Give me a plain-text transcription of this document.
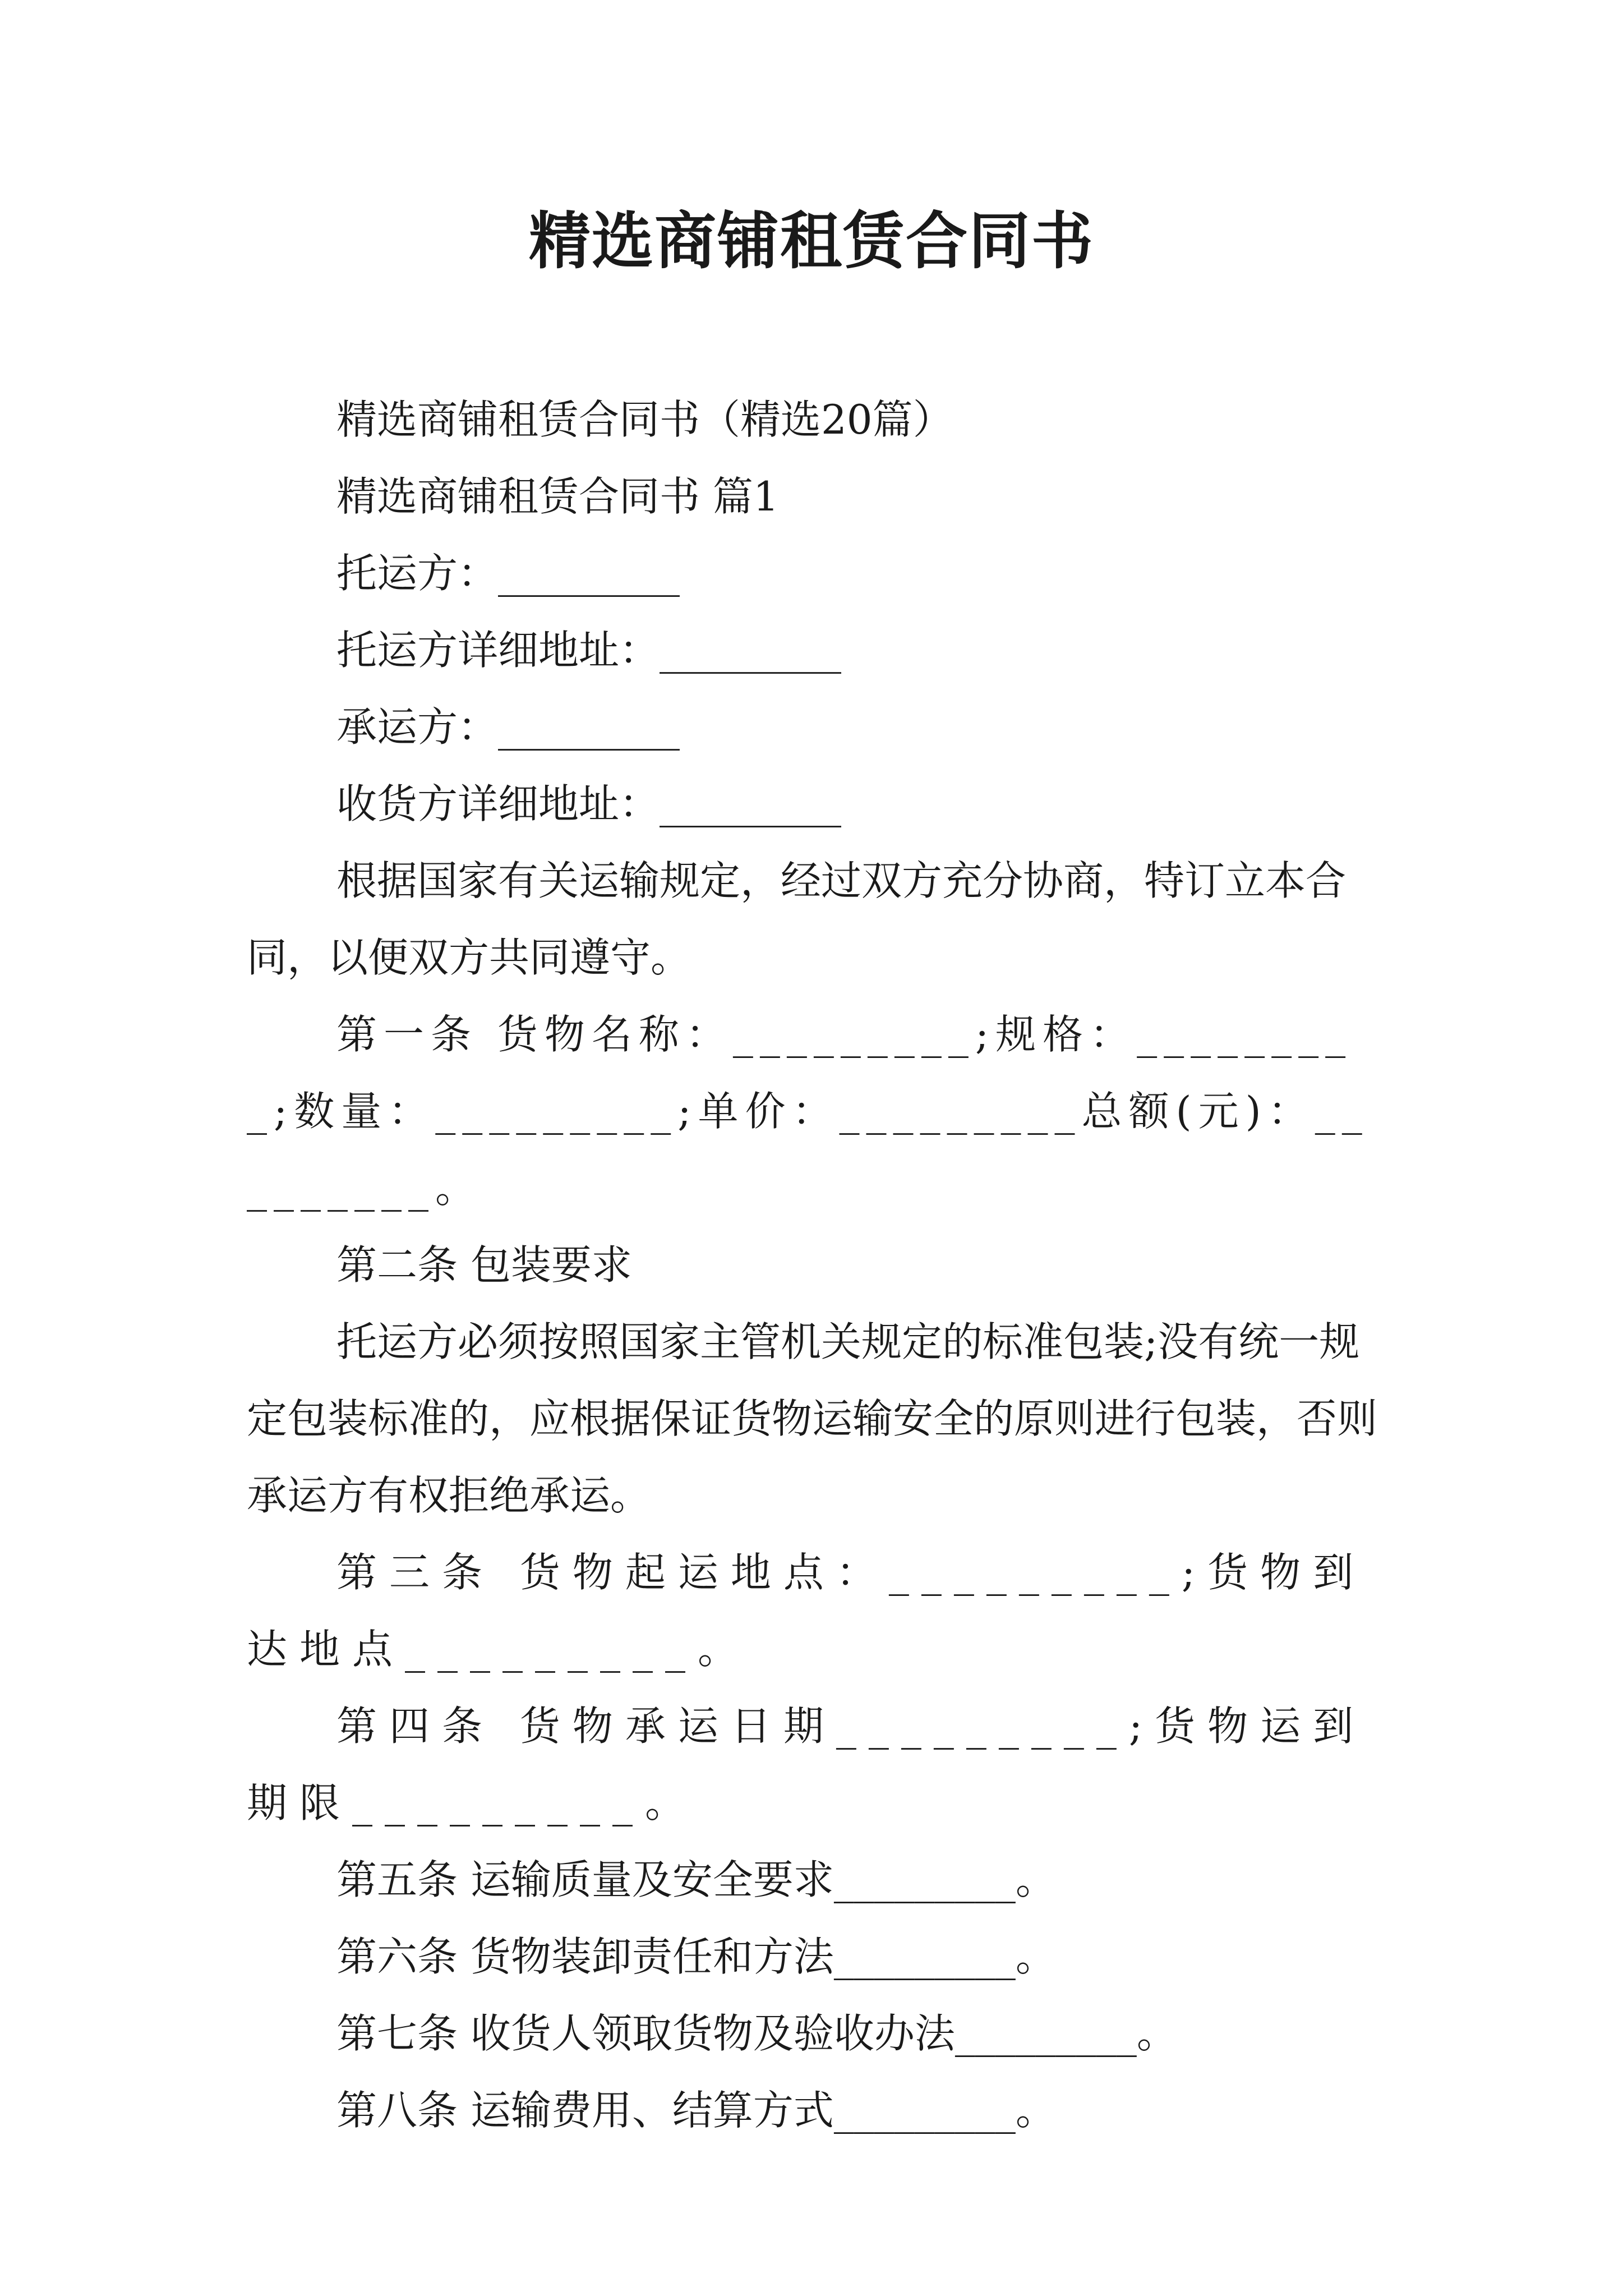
精选商铺租赁合同书

精选商铺租赁合同书（精选20篇）

精选商铺租赁合同书 篇1

托运方：_________

托运方详细地址：_________

承运方：_________

收货方详细地址：_________

根据国家有关运输规定，经过双方充分协商，特订立本合同，以便双方共同遵守。

第一条 货物名称：_________;规格：_________;数量：_________;单价：_________总额(元)：_________。

第二条 包装要求

托运方必须按照国家主管机关规定的标准包装;没有统一规定包装标准的，应根据保证货物运输安全的原则进行包装，否则承运方有权拒绝承运。

第三条 货物起运地点：_________;货物到达地点_________。

第四条 货物承运日期_________;货物运到期限_________。

第五条 运输质量及安全要求_________。

第六条 货物装卸责任和方法_________。

第七条 收货人领取货物及验收办法_________。

第八条 运输费用、结算方式_________。
